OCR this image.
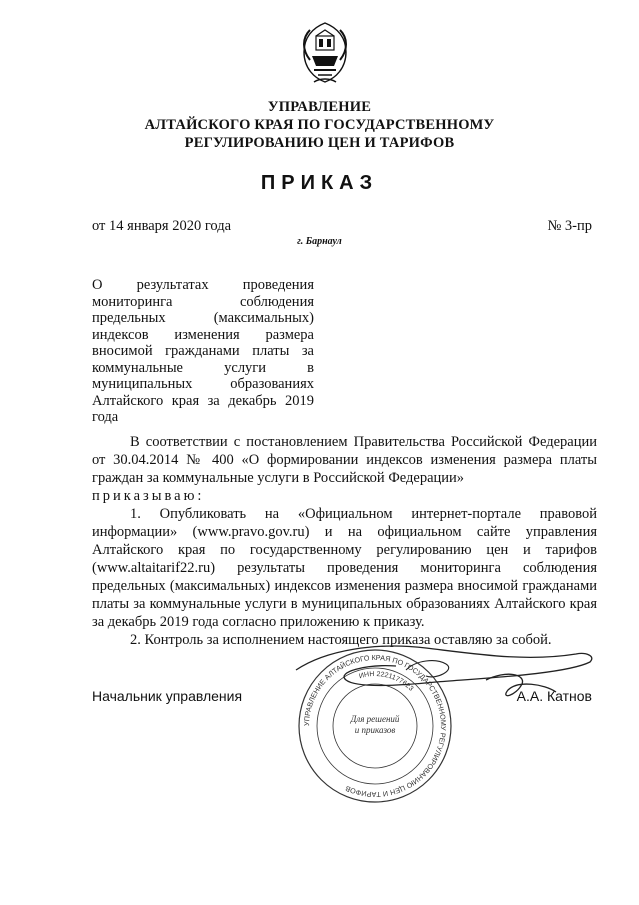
УПРАВЛЕНИЕ
АЛТАЙСКОГО КРАЯ ПО ГОСУДАРСТВЕННОМУ
РЕГУЛИРОВАНИЮ ЦЕН И ТАРИФОВ
ПРИКАЗ
от 14 января 2020 года	№ 3-пр
г. Барнаул
О результатах проведения мониторинга соблюдения предельных (максимальных) индексов изменения размера вносимой гражданами платы за коммунальные услуги в муниципальных образованиях Алтайского края за декабрь 2019 года

В соответствии с постановлением Правительства Российской Федерации от 30.04.2014 № 400 «О формировании индексов изменения размера платы граждан за коммунальные услуги в Российской Федерации»

приказываю:

1. Опубликовать на «Официальном интернет-портале правовой информации» (www.pravo.gov.ru) и на официальном сайте управления Алтайского края по государственному регулированию цен и тарифов (www.altaitarif22.ru) результаты проведения мониторинга соблюдения предельных (максимальных) индексов изменения размера вносимой гражданами платы за коммунальные услуги в муниципальных образованиях Алтайского края за декабрь 2019 года согласно приложению к приказу.

2. Контроль за исполнением настоящего приказа оставляю за собой.

Начальник управления	А.А. Катнов
УПРАВЛЕНИЕ АЛТАЙСКОГО КРАЯ ПО ГОСУДАРСТВЕННОМУ РЕГУЛИРОВАНИЮ ЦЕН И ТАРИФОВ
ИНН 2221177623
Для решений
и приказов
